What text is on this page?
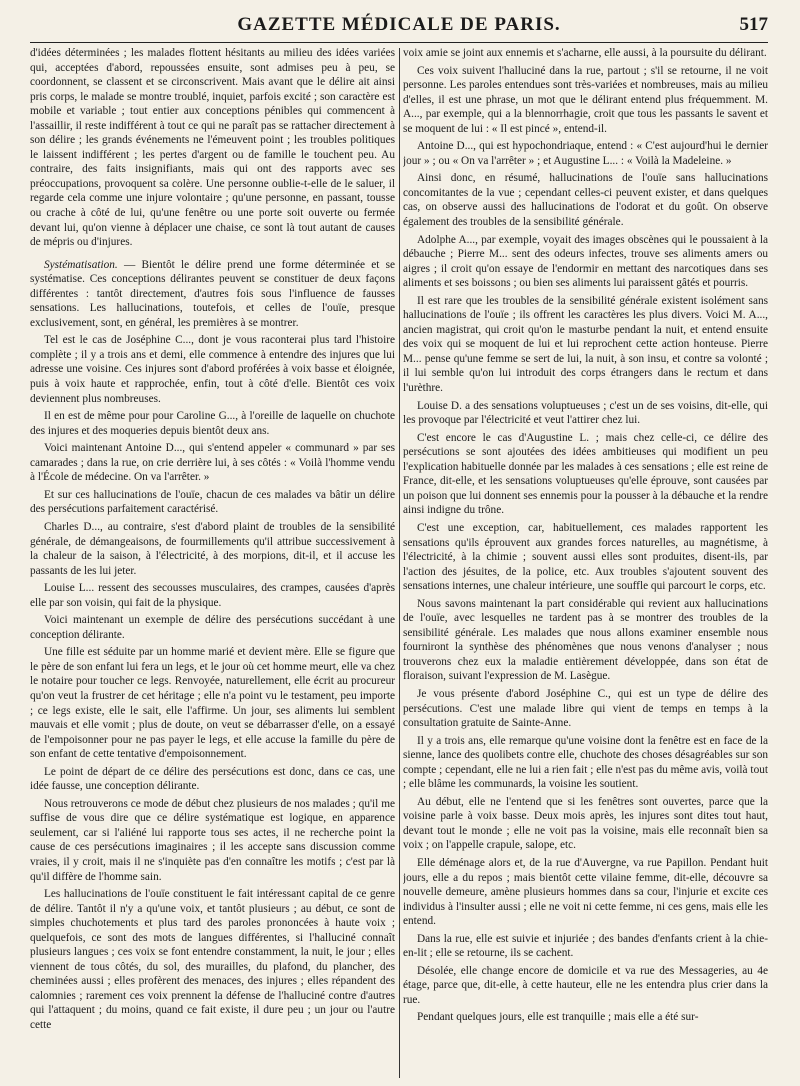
GAZETTE MÉDICALE DE PARIS.	517

d'idées déterminées ; les malades flottent hésitants au milieu des idées variées qui, acceptées d'abord, repoussées ensuite, sont admises peu à peu, se coordonnent, se classent et se circonscrivent. Mais avant que le délire ait ainsi pris corps, le malade se montre troublé, inquiet, parfois excité ; son caractère est mobile et variable ; tout entier aux conceptions pénibles qui commencent à l'assaillir, il reste indifférent à tout ce qui ne paraît pas se rattacher directement à son délire ; les grands événements ne l'émeuvent point ; les troubles politiques le laissent indifférent ; les pertes d'argent ou de famille le touchent peu. Au contraire, des faits insignifiants, mais qui ont des rapports avec ses préoccupations, provoquent sa colère. Une personne oublie-t-elle de le saluer, il regarde cela comme une injure volontaire ; qu'une personne, en passant, tousse ou crache à côté de lui, qu'une fenêtre ou une porte soit ouverte ou fermée devant lui, qu'on vienne à déplacer une chaise, ce sont là tout autant de causes de mépris ou d'injures.

Systématisation. — Bientôt le délire prend une forme déterminée et se systématise. Ces conceptions délirantes peuvent se constituer de deux façons différentes : tantôt directement, d'autres fois sous l'influence de fausses sensations. Les hallucinations, toutefois, et celles de l'ouïe, presque exclusivement, sont, en général, les premières à se montrer.

Tel est le cas de Joséphine C..., dont je vous raconterai plus tard l'histoire complète ; il y a trois ans et demi, elle commence à entendre des injures que lui adresse une voisine. Ces injures sont d'abord proférées à voix basse et éloignée, puis à voix haute et rapprochée, enfin, tout à côté d'elle. Bientôt ces voix deviennent plus nombreuses.

Il en est de même pour pour Caroline G..., à l'oreille de laquelle on chuchote des injures et des moqueries depuis bientôt deux ans.

Voici maintenant Antoine D..., qui s'entend appeler « communard » par ses camarades ; dans la rue, on crie derrière lui, à ses côtés : « Voilà l'homme vendu à l'École de médecine. On va l'arrêter. »

Et sur ces hallucinations de l'ouïe, chacun de ces malades va bâtir un délire des persécutions parfaitement caractérisé.

Charles D..., au contraire, s'est d'abord plaint de troubles de la sensibilité générale, de démangeaisons, de fourmillements qu'il attribue successivement à la chaleur de la saison, à l'électricité, à des morpions, dit-il, et il accuse les passants de les lui jeter.

Louise L... ressent des secousses musculaires, des crampes, causées d'après elle par son voisin, qui fait de la physique.

Voici maintenant un exemple de délire des persécutions succédant à une conception délirante.

Une fille est séduite par un homme marié et devient mère. Elle se figure que le père de son enfant lui fera un legs, et le jour où cet homme meurt, elle va chez le notaire pour toucher ce legs. Renvoyée, naturellement, elle écrit au procureur qu'on veut la frustrer de cet héritage ; elle n'a point vu le testament, peu importe ; ce legs existe, elle le sait, elle l'affirme. Un jour, ses aliments lui semblent mauvais et elle vomit ; plus de doute, on veut se débarrasser d'elle, on a essayé de l'empoisonner pour ne pas payer le legs, et elle accuse la famille du père de son enfant de cette tentative d'empoisonnement.

Le point de départ de ce délire des persécutions est donc, dans ce cas, une idée fausse, une conception délirante.

Nous retrouverons ce mode de début chez plusieurs de nos malades ; qu'il me suffise de vous dire que ce délire systématique est logique, en apparence seulement, car si l'aliéné lui rapporte tous ses actes, il ne recherche point la cause de ces persécutions imaginaires ; il les accepte sans discussion comme vraies, il y croit, mais il ne s'inquiète pas d'en connaître les motifs ; c'est par là qu'il diffère de l'homme sain.

Les hallucinations de l'ouïe constituent le fait intéressant capital de ce genre de délire. Tantôt il n'y a qu'une voix, et tantôt plusieurs ; au début, ce sont de simples chuchotements et plus tard des paroles prononcées à haute voix ; quelquefois, ce sont des mots de langues différentes, si l'halluciné connaît plusieurs langues ; ces voix se font entendre constamment, la nuit, le jour ; elles viennent de tous côtés, du sol, des murailles, du plafond, du plancher, des cheminées aussi ; elles profèrent des menaces, des injures ; elles répandent des calomnies ; rarement ces voix prennent la défense de l'halluciné contre d'autres qui l'attaquent ; du moins, quand ce fait existe, il dure peu ; un jour ou l'autre cette

voix amie se joint aux ennemis et s'acharne, elle aussi, à la poursuite du délirant.

Ces voix suivent l'halluciné dans la rue, partout ; s'il se retourne, il ne voit personne. Les paroles entendues sont très-variées et nombreuses, mais au milieu d'elles, il est une phrase, un mot que le délirant entend plus fréquemment. M. A..., par exemple, qui a la blennorrhagie, croit que tous les passants le savent et se moquent de lui : « Il est pincé », entend-il.

Antoine D..., qui est hypochondriaque, entend : « C'est aujourd'hui le dernier jour » ; ou « On va l'arrêter » ; et Augustine L... : « Voilà la Madeleine. »

Ainsi donc, en résumé, hallucinations de l'ouïe sans hallucinations concomitantes de la vue ; cependant celles-ci peuvent exister, et dans quelques cas, on observe aussi des hallucinations de l'odorat et du goût. On observe également des troubles de la sensibilité générale.

Adolphe A..., par exemple, voyait des images obscènes qui le poussaient à la débauche ; Pierre M... sent des odeurs infectes, trouve ses aliments amers ou aigres ; il croit qu'on essaye de l'endormir en mettant des narcotiques dans ses aliments et ses boissons ; ou bien ses aliments lui paraissent gâtés et pourris.

Il est rare que les troubles de la sensibilité générale existent isolément sans hallucinations de l'ouïe ; ils offrent les caractères les plus divers. Voici M. A..., ancien magistrat, qui croit qu'on le masturbe pendant la nuit, et entend ensuite des voix qui se moquent de lui et lui reprochent cette action honteuse. Pierre M... pense qu'une femme se sert de lui, la nuit, à son insu, et contre sa volonté ; il lui semble qu'on lui introduit des corps étrangers dans le rectum et dans l'urèthre.

Louise D. a des sensations voluptueuses ; c'est un de ses voisins, dit-elle, qui les provoque par l'électricité et veut l'attirer chez lui.

C'est encore le cas d'Augustine L. ; mais chez celle-ci, ce délire des persécutions se sont ajoutées des idées ambitieuses qui modifient un peu l'explication habituelle donnée par les malades à ces sensations ; elle est reine de France, dit-elle, et les sensations voluptueuses qu'elle éprouve, sont causées par un poison que lui donnent ses ennemis pour la pousser à la débauche et la rendre ainsi indigne du trône.

C'est une exception, car, habituellement, ces malades rapportent les sensations qu'ils éprouvent aux grandes forces naturelles, au magnétisme, à l'électricité, à la chimie ; souvent aussi elles sont produites, disent-ils, par l'action des jésuites, de la police, etc. Aux troubles s'ajoutent souvent des sensations internes, une chaleur intérieure, une souffle qui parcourt le corps, etc.

Nous savons maintenant la part considérable qui revient aux hallucinations de l'ouïe, avec lesquelles ne tardent pas à se montrer des troubles de la sensibilité générale. Les malades que nous allons examiner ensemble nous fourniront la synthèse des phénomènes que nous venons d'analyser ; nous trouverons chez eux la maladie entièrement développée, dans son état de floraison, suivant l'expression de M. Lasègue.

Je vous présente d'abord Joséphine C., qui est un type de délire des persécutions. C'est une malade libre qui vient de temps en temps à la consultation gratuite de Sainte-Anne.

Il y a trois ans, elle remarque qu'une voisine dont la fenêtre est en face de la sienne, lance des quolibets contre elle, chuchote des choses désagréables sur son compte ; cependant, elle ne lui a rien fait ; elle n'est pas du même avis, voilà tout ; elle blâme les communards, la voisine les soutient.

Au début, elle ne l'entend que si les fenêtres sont ouvertes, parce que la voisine parle à voix basse. Deux mois après, les injures sont dites tout haut, devant tout le monde ; elle ne voit pas la voisine, mais elle reconnaît bien sa voix ; on l'appelle crapule, salope, etc.

Elle déménage alors et, de la rue d'Auvergne, va rue Papillon. Pendant huit jours, elle a du repos ; mais bientôt cette vilaine femme, dit-elle, découvre sa nouvelle demeure, amène plusieurs hommes dans sa cour, l'injurie et excite ces individus à l'insulter aussi ; elle ne voit ni cette femme, ni ces gens, mais elle les entend.

Dans la rue, elle est suivie et injuriée ; des bandes d'enfants crient à la chie-en-lit ; elle se retourne, ils se cachent.

Désolée, elle change encore de domicile et va rue des Messageries, au 4e étage, parce que, dit-elle, à cette hauteur, elle ne les entendra plus crier dans la rue.

Pendant quelques jours, elle est tranquille ; mais elle a été sur-
